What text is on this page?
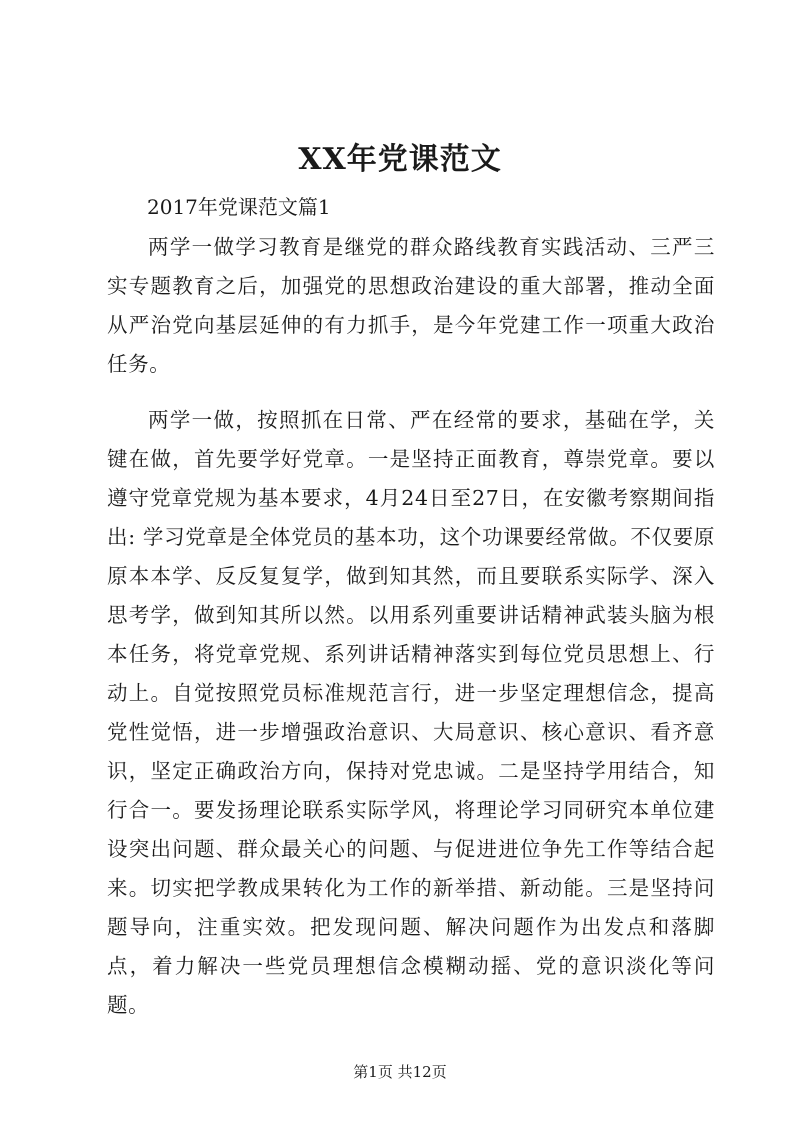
XX年党课范文

2017年党课范文篇1

两学一做学习教育是继党的群众路线教育实践活动、三严三实专题教育之后，加强党的思想政治建设的重大部署，推动全面从严治党向基层延伸的有力抓手，是今年党建工作一项重大政治任务。

两学一做，按照抓在日常、严在经常的要求，基础在学，关键在做，首先要学好党章。一是坚持正面教育，尊崇党章。要以遵守党章党规为基本要求，4月24日至27日，在安徽考察期间指出: 学习党章是全体党员的基本功，这个功课要经常做。不仅要原原本本学、反反复复学，做到知其然，而且要联系实际学、深入思考学，做到知其所以然。以用系列重要讲话精神武装头脑为根本任务，将党章党规、系列讲话精神落实到每位党员思想上、行动上。自觉按照党员标准规范言行，进一步坚定理想信念，提高党性觉悟，进一步增强政治意识、大局意识、核心意识、看齐意识，坚定正确政治方向，保持对党忠诚。二是坚持学用结合，知行合一。要发扬理论联系实际学风，将理论学习同研究本单位建设突出问题、群众最关心的问题、与促进进位争先工作等结合起来。切实把学教成果转化为工作的新举措、新动能。三是坚持问题导向，注重实效。把发现问题、解决问题作为出发点和落脚点，着力解决一些党员理想信念模糊动摇、党的意识淡化等问题。

第1页 共12页
